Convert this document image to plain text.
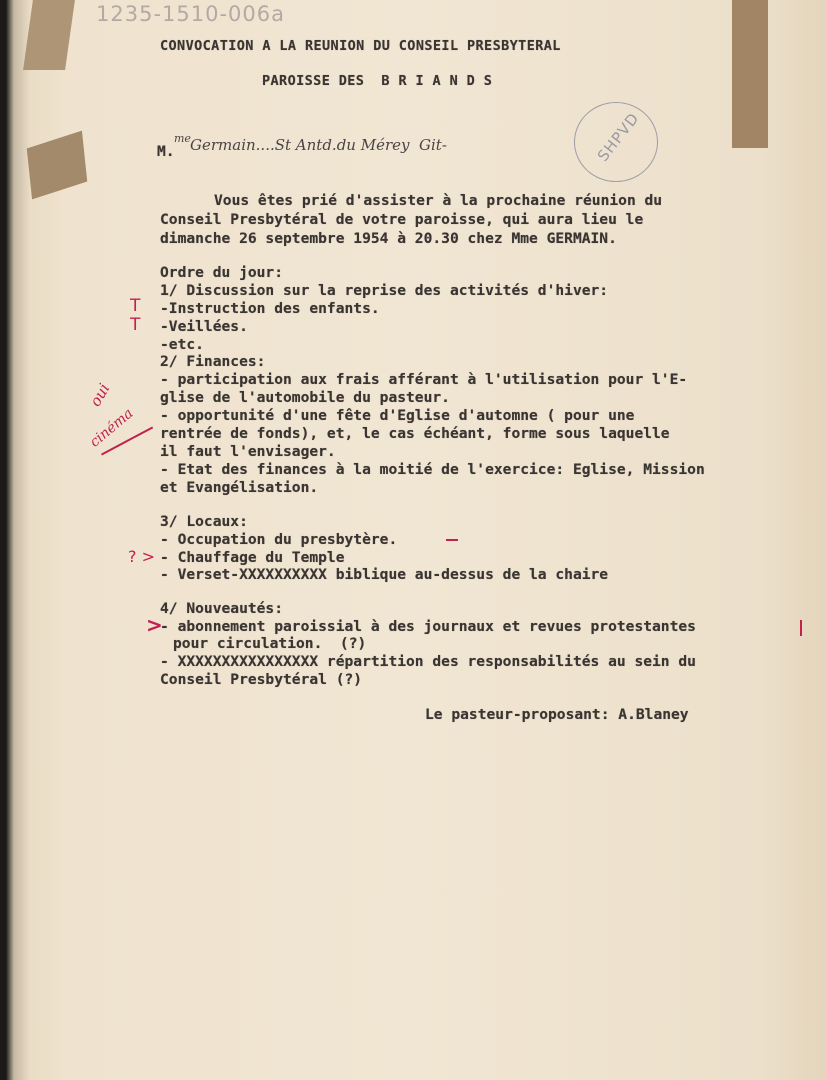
1235-1510-006a
SHPVD
CONVOCATION A LA REUNION DU CONSEIL PRESBYTERAL
PAROISSE DES  B R I A N D S
M.
me Germain....St Antd.du Mérey  Git-
Vous êtes prié d'assister à la prochaine réunion du
Conseil Presbytéral de votre paroisse, qui aura lieu le
dimanche 26 septembre 1954 à 20.30 chez Mme GERMAIN.
Ordre du jour:
1/ Discussion sur la reprise des activités d'hiver:
-Instruction des enfants.
-Veillées.
-etc.
2/ Finances:
- participation aux frais afférant à l'utilisation pour l'E-
glise de l'automobile du pasteur.
- opportunité d'une fête d'Eglise d'automne ( pour une
rentrée de fonds), et, le cas échéant, forme sous laquelle
il faut l'envisager.
- Etat des finances à la moitié de l'exercice: Eglise, Mission
et Evangélisation.
3/ Locaux:
- Occupation du presbytère.
- Chauffage du Temple
- Verset-XXXXXXXXXX biblique au-dessus de la chaire
4/ Nouveautés:
- abonnement paroissial à des journaux et revues protestantes
pour circulation.  (?)
- XXXXXXXXXXXXXXXX répartition des responsabilités au sein du
Conseil Presbytéral (?)
Le pasteur-proposant: A.Blaney
T
T
oui
cinéma
? >
>
